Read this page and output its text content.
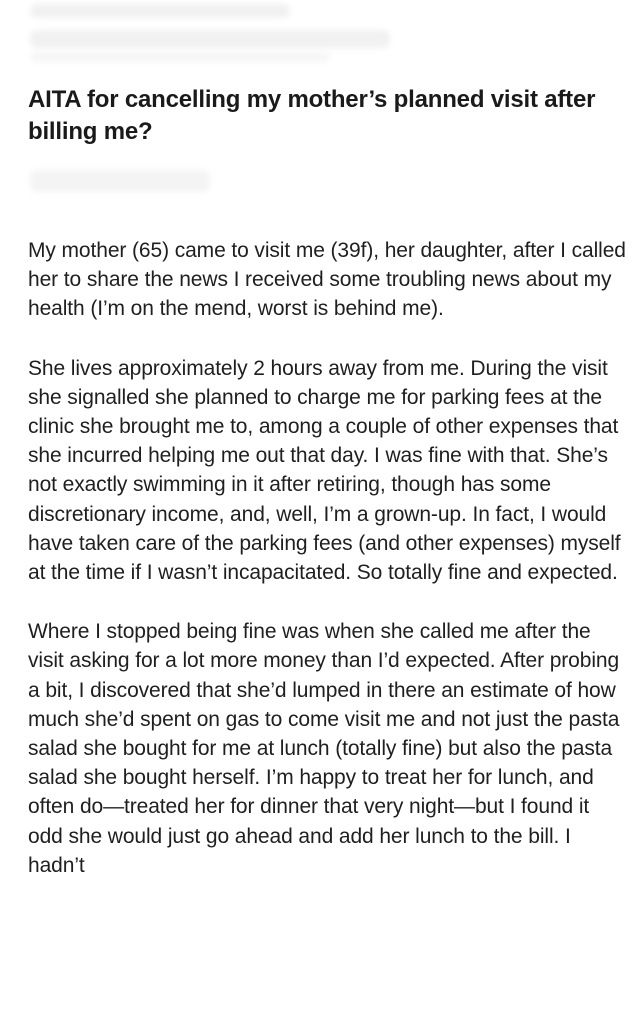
AITA for cancelling my mother’s planned visit after billing me?

My mother (65) came to visit me (39f), her daughter, after I called her to share the news I received some troubling news about my health (I’m on the mend, worst is behind me).

She lives approximately 2 hours away from me. During the visit she signalled she planned to charge me for parking fees at the clinic she brought me to, among a couple of other expenses that she incurred helping me out that day. I was fine with that. She’s not exactly swimming in it after retiring, though has some discretionary income, and, well, I’m a grown-up. In fact, I would have taken care of the parking fees (and other expenses) myself at the time if I wasn’t incapacitated. So totally fine and expected.

Where I stopped being fine was when she called me after the visit asking for a lot more money than I’d expected. After probing a bit, I discovered that she’d lumped in there an estimate of how much she’d spent on gas to come visit me and not just the pasta salad she bought for me at lunch (totally fine) but also the pasta salad she bought herself. I’m happy to treat her for lunch, and often do—treated her for dinner that very night—but I found it odd she would just go ahead and add her lunch to the bill. I hadn’t
